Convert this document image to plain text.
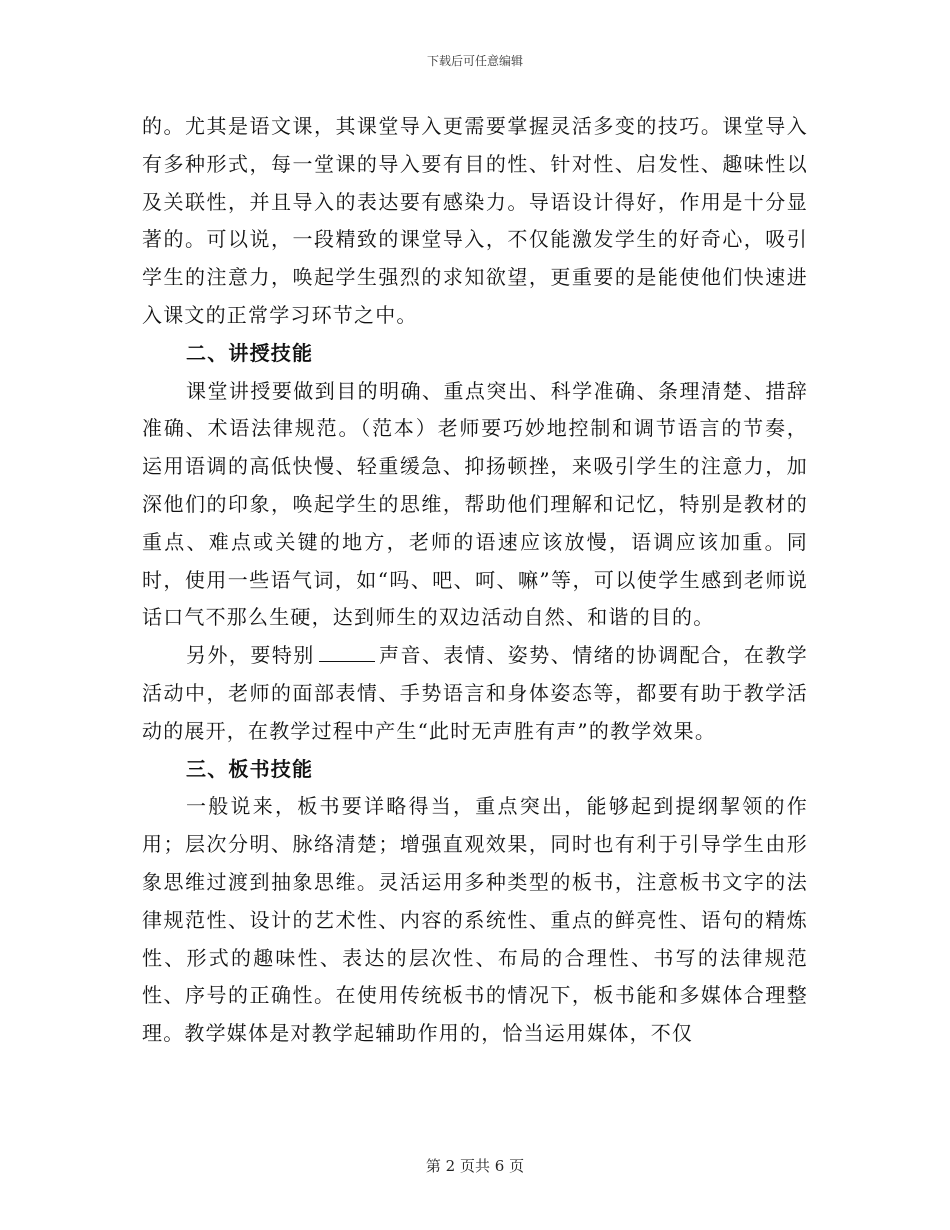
下载后可任意编辑

的。尤其是语文课，其课堂导入更需要掌握灵活多变的技巧。课堂导入有多种形式，每一堂课的导入要有目的性、针对性、启发性、趣味性以及关联性，并且导入的表达要有感染力。导语设计得好，作用是十分显著的。可以说，一段精致的课堂导入，不仅能激发学生的好奇心，吸引学生的注意力，唤起学生强烈的求知欲望，更重要的是能使他们快速进入课文的正常学习环节之中。

二、讲授技能

课堂讲授要做到目的明确、重点突出、科学准确、条理清楚、措辞准确、术语法律规范。（范本）老师要巧妙地控制和调节语言的节奏，运用语调的高低快慢、轻重缓急、抑扬顿挫，来吸引学生的注意力，加深他们的印象，唤起学生的思维，帮助他们理解和记忆，特别是教材的重点、难点或关键的地方，老师的语速应该放慢，语调应该加重。同时，使用一些语气词，如“吗、吧、呵、嘛”等，可以使学生感到老师说话口气不那么生硬，达到师生的双边活动自然、和谐的目的。

另外，要特别	声音、表情、姿势、情绪的协调配合，在教学活动中，老师的面部表情、手势语言和身体姿态等，都要有助于教学活动的展开，在教学过程中产生“此时无声胜有声”的教学效果。

三、板书技能

一般说来，板书要详略得当，重点突出，能够起到提纲挈领的作用；层次分明、脉络清楚；增强直观效果，同时也有利于引导学生由形象思维过渡到抽象思维。灵活运用多种类型的板书，注意板书文字的法律规范性、设计的艺术性、内容的系统性、重点的鲜亮性、语句的精炼性、形式的趣味性、表达的层次性、布局的合理性、书写的法律规范性、序号的正确性。在使用传统板书的情况下，板书能和多媒体合理整理。教学媒体是对教学起辅助作用的，恰当运用媒体，不仅

第 2 页共 6 页
